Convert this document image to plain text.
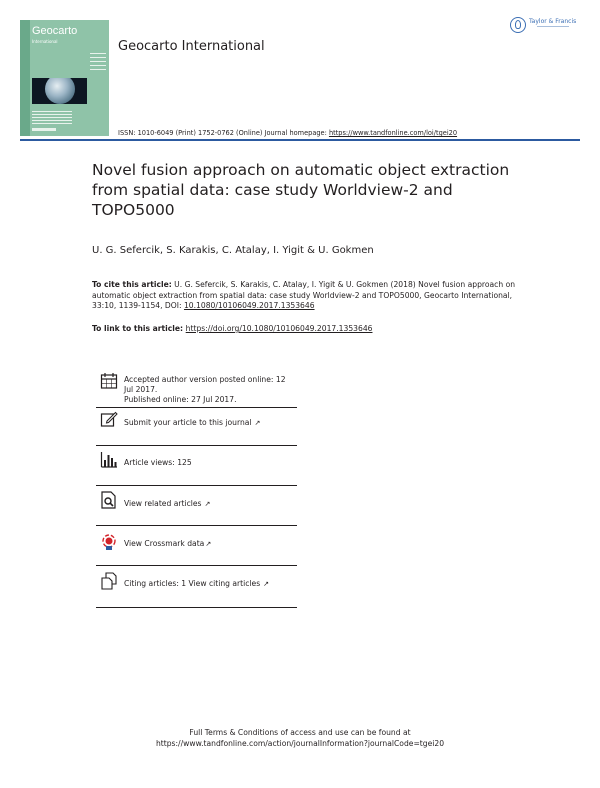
Geocarto
International	Geocarto International
Taylor & Francis
ISSN: 1010-6049 (Print) 1752-0762 (Online) Journal homepage: https://www.tandfonline.com/loi/tgei20
Novel fusion approach on automatic object extraction from spatial data: case study Worldview-2 and TOPO5000
U. G. Sefercik, S. Karakis, C. Atalay, I. Yigit & U. Gokmen
To cite this article: U. G. Sefercik, S. Karakis, C. Atalay, I. Yigit & U. Gokmen (2018) Novel fusion approach on automatic object extraction from spatial data: case study Worldview-2 and TOPO5000, Geocarto International, 33:10, 1139-1154, DOI: 10.1080/10106049.2017.1353646
To link to this article: https://doi.org/10.1080/10106049.2017.1353646
Accepted author version posted online: 12 Jul 2017.
Published online: 27 Jul 2017.
Submit your article to this journal ↗
Article views: 125
View related articles ↗
View Crossmark data↗
Citing articles: 1 View citing articles ↗
Full Terms & Conditions of access and use can be found at
https://www.tandfonline.com/action/journalInformation?journalCode=tgei20
